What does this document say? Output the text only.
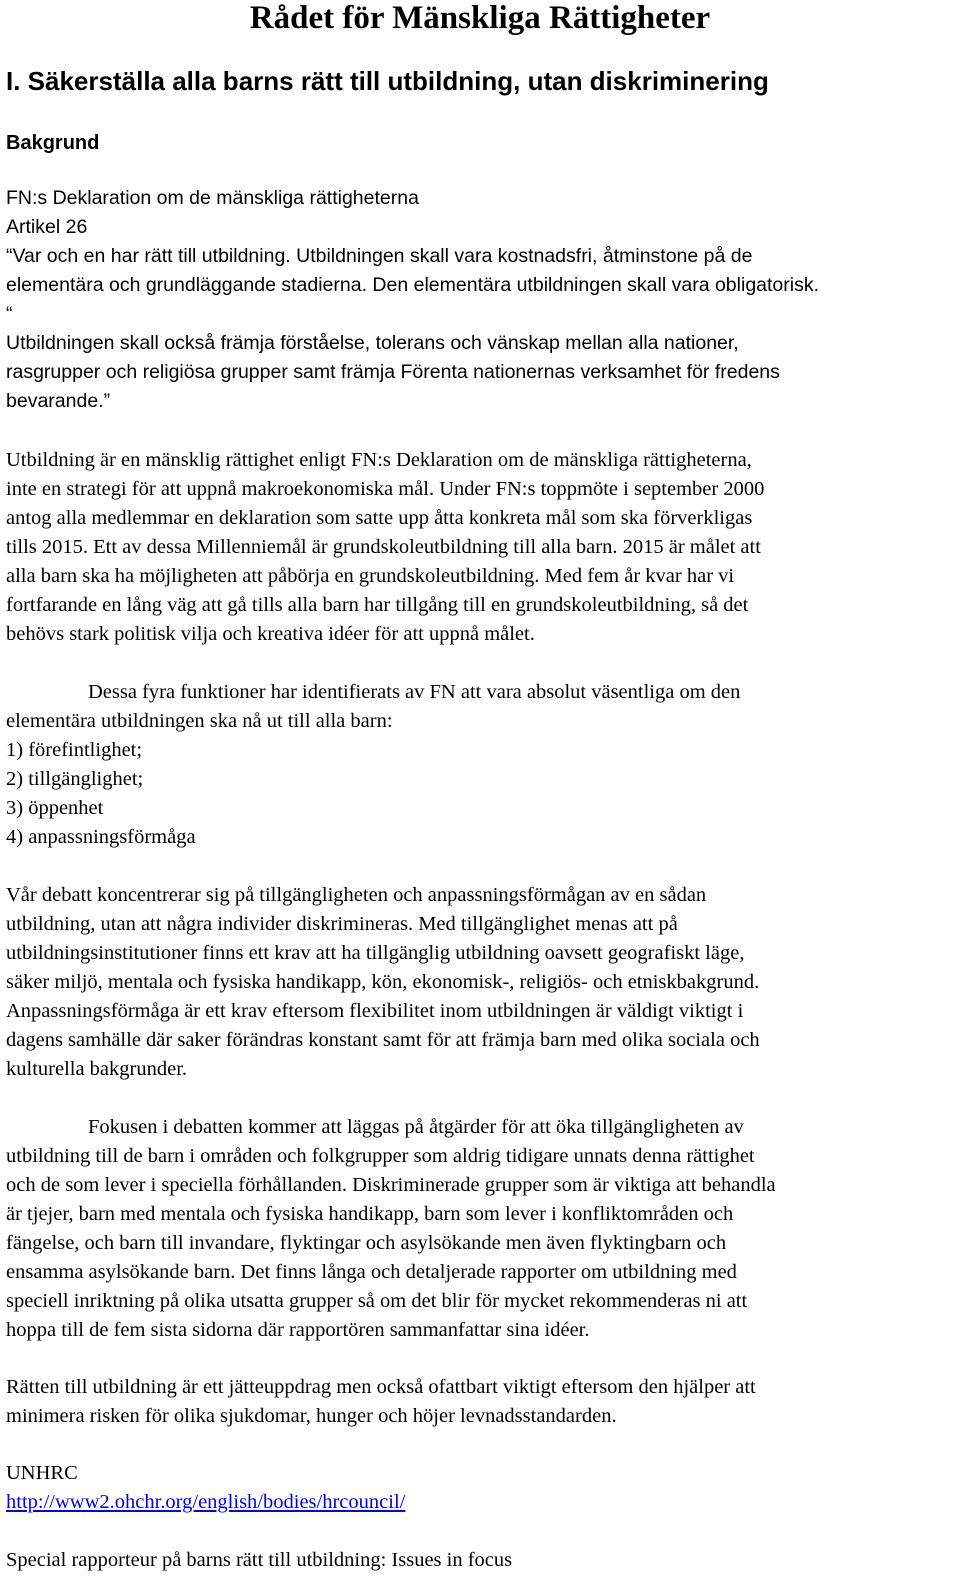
Rådet för Mänskliga Rättigheter
I. Säkerställa alla barns rätt till utbildning, utan diskriminering
Bakgrund

FN:s Deklaration om de mänskliga rättigheterna

Artikel 26

“Var och en har rätt till utbildning. Utbildningen skall vara kostnadsfri, åtminstone på de

elementära och grundläggande stadierna. Den elementära utbildningen skall vara obligatorisk.

“

Utbildningen skall också främja förståelse, tolerans och vänskap mellan alla nationer,

rasgrupper och religiösa grupper samt främja Förenta nationernas verksamhet för fredens

bevarande.”

Utbildning är en mänsklig rättighet enligt FN:s Deklaration om de mänskliga rättigheterna,

inte en strategi för att uppnå makroekonomiska mål. Under FN:s toppmöte i september 2000

antog alla medlemmar en deklaration som satte upp åtta konkreta mål som ska förverkligas

tills 2015. Ett av dessa Millenniemål är grundskoleutbildning till alla barn. 2015 är målet att

alla barn ska ha möjligheten att påbörja en grundskoleutbildning. Med fem år kvar har vi

fortfarande en lång väg att gå tills alla barn har tillgång till en grundskoleutbildning, så det

behövs stark politisk vilja och kreativa idéer för att uppnå målet.

Dessa fyra funktioner har identifierats av FN att vara absolut väsentliga om den

elementära utbildningen ska nå ut till alla barn:

1) förefintlighet;

2) tillgänglighet;

3) öppenhet

4) anpassningsförmåga

Vår debatt koncentrerar sig på tillgängligheten och anpassningsförmågan av en sådan

utbildning, utan att några individer diskrimineras. Med tillgänglighet menas att på

utbildningsinstitutioner finns ett krav att ha tillgänglig utbildning oavsett geografiskt läge,

säker miljö, mentala och fysiska handikapp, kön, ekonomisk-, religiös- och etniskbakgrund.

Anpassningsförmåga är ett krav eftersom flexibilitet inom utbildningen är väldigt viktigt i

dagens samhälle där saker förändras konstant samt för att främja barn med olika sociala och

kulturella bakgrunder.

Fokusen i debatten kommer att läggas på åtgärder för att öka tillgängligheten av

utbildning till de barn i områden och folkgrupper som aldrig tidigare unnats denna rättighet

och de som lever i speciella förhållanden. Diskriminerade grupper som är viktiga att behandla

är tjejer, barn med mentala och fysiska handikapp, barn som lever i konfliktområden och

fängelse, och barn till invandare, flyktingar och asylsökande men även flyktingbarn och

ensamma asylsökande barn. Det finns långa och detaljerade rapporter om utbildning med

speciell inriktning på olika utsatta grupper så om det blir för mycket rekommenderas ni att

hoppa till de fem sista sidorna där rapportören sammanfattar sina idéer.

Rätten till utbildning är ett jätteuppdrag men också ofattbart viktigt eftersom den hjälper att

minimera risken för olika sjukdomar, hunger och höjer levnadsstandarden.

UNHRC

http://www2.ohchr.org/english/bodies/hrcouncil/

Special rapporteur på barns rätt till utbildning: Issues in focus
